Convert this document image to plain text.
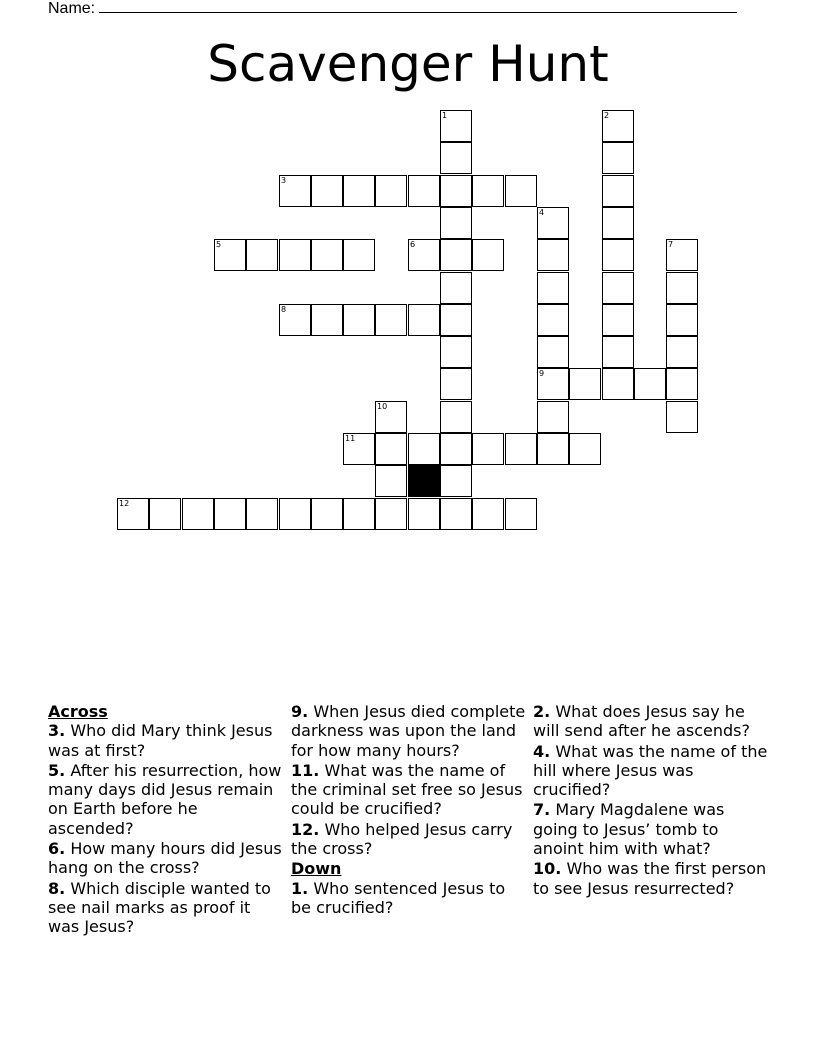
Name:
Scavenger Hunt
3
5	6
8
9
11
12
1	2
4
7
10

Across

3. Who did Mary think Jesus was at first?

5. After his resurrection, how many days did Jesus remain on Earth before he ascended?

6. How many hours did Jesus hang on the cross?

8. Which disciple wanted to see nail marks as proof it was Jesus?

9. When Jesus died complete darkness was upon the land for how many hours?

11. What was the name of the criminal set free so Jesus could be crucified?

12. Who helped Jesus carry the cross?

Down

1. Who sentenced Jesus to be crucified?

2. What does Jesus say he will send after he ascends?

4. What was the name of the hill where Jesus was crucified?

7. Mary Magdalene was going to Jesus’ tomb to anoint him with what?

10. Who was the first person to see Jesus resurrected?
